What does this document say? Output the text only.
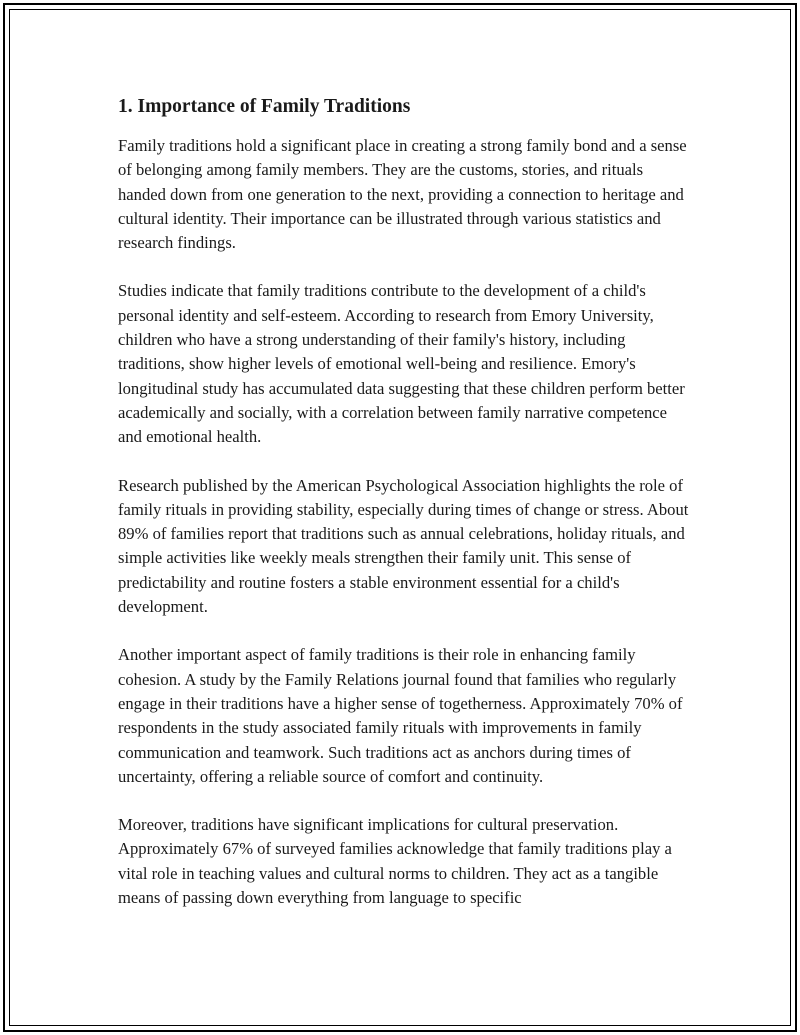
1. Importance of Family Traditions

Family traditions hold a significant place in creating a strong family bond and a sense of belonging among family members. They are the customs, stories, and rituals handed down from one generation to the next, providing a connection to heritage and cultural identity. Their importance can be illustrated through various statistics and research findings.

Studies indicate that family traditions contribute to the development of a child's personal identity and self-esteem. According to research from Emory University, children who have a strong understanding of their family's history, including traditions, show higher levels of emotional well-being and resilience. Emory's longitudinal study has accumulated data suggesting that these children perform better academically and socially, with a correlation between family narrative competence and emotional health.

Research published by the American Psychological Association highlights the role of family rituals in providing stability, especially during times of change or stress. About 89% of families report that traditions such as annual celebrations, holiday rituals, and simple activities like weekly meals strengthen their family unit. This sense of predictability and routine fosters a stable environment essential for a child's development.

Another important aspect of family traditions is their role in enhancing family cohesion. A study by the Family Relations journal found that families who regularly engage in their traditions have a higher sense of togetherness. Approximately 70% of respondents in the study associated family rituals with improvements in family communication and teamwork. Such traditions act as anchors during times of uncertainty, offering a reliable source of comfort and continuity.

Moreover, traditions have significant implications for cultural preservation. Approximately 67% of surveyed families acknowledge that family traditions play a vital role in teaching values and cultural norms to children. They act as a tangible means of passing down everything from language to specific
